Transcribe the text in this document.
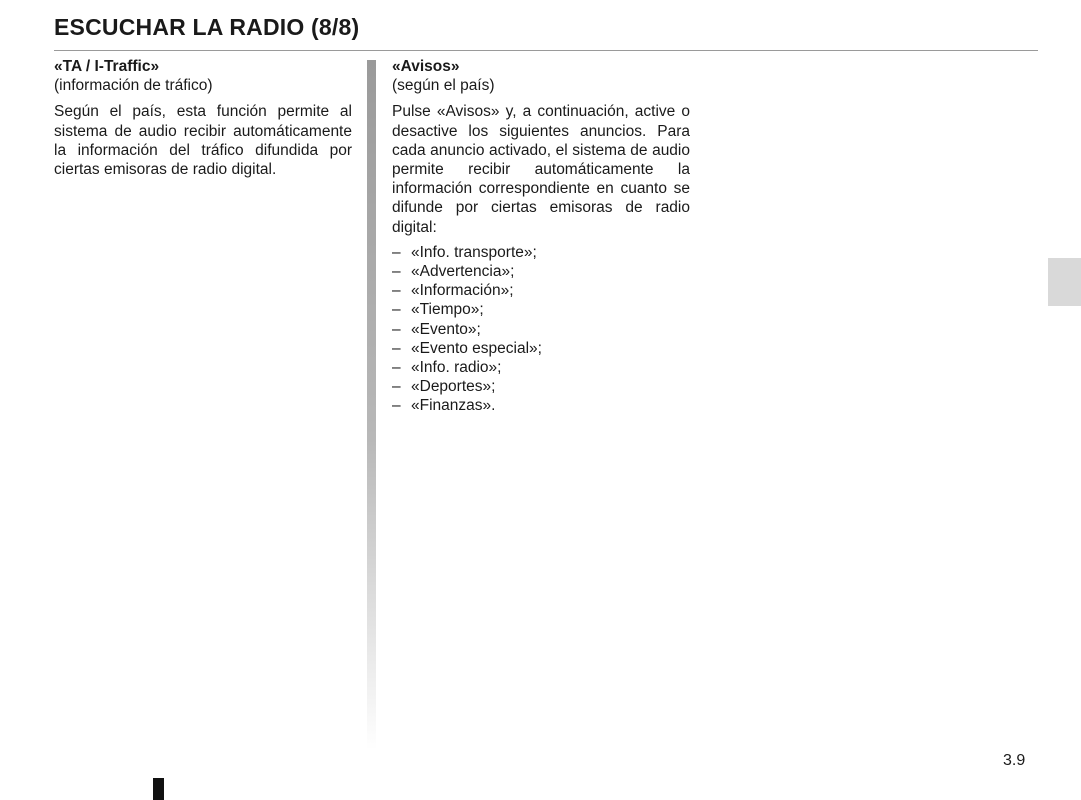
ESCUCHAR LA RADIO (8/8)
«TA / I-Traffic»
(información de tráfico)

Según el país, esta función permite al sistema de audio recibir automáticamente la información del tráfico difundida por ciertas emisoras de radio digital.

«Avisos»
(según el país)

Pulse «Avisos» y, a continuación, active o desactive los siguientes anuncios. Para cada anuncio activado, el sistema de audio permite recibir automáticamente la información correspondiente en cuanto se difunde por ciertas emisoras de radio digital:

– «Info. transporte»;
– «Advertencia»;
– «Información»;
– «Tiempo»;
– «Evento»;
– «Evento especial»;
– «Info. radio»;
– «Deportes»;
– «Finanzas».
3.9
